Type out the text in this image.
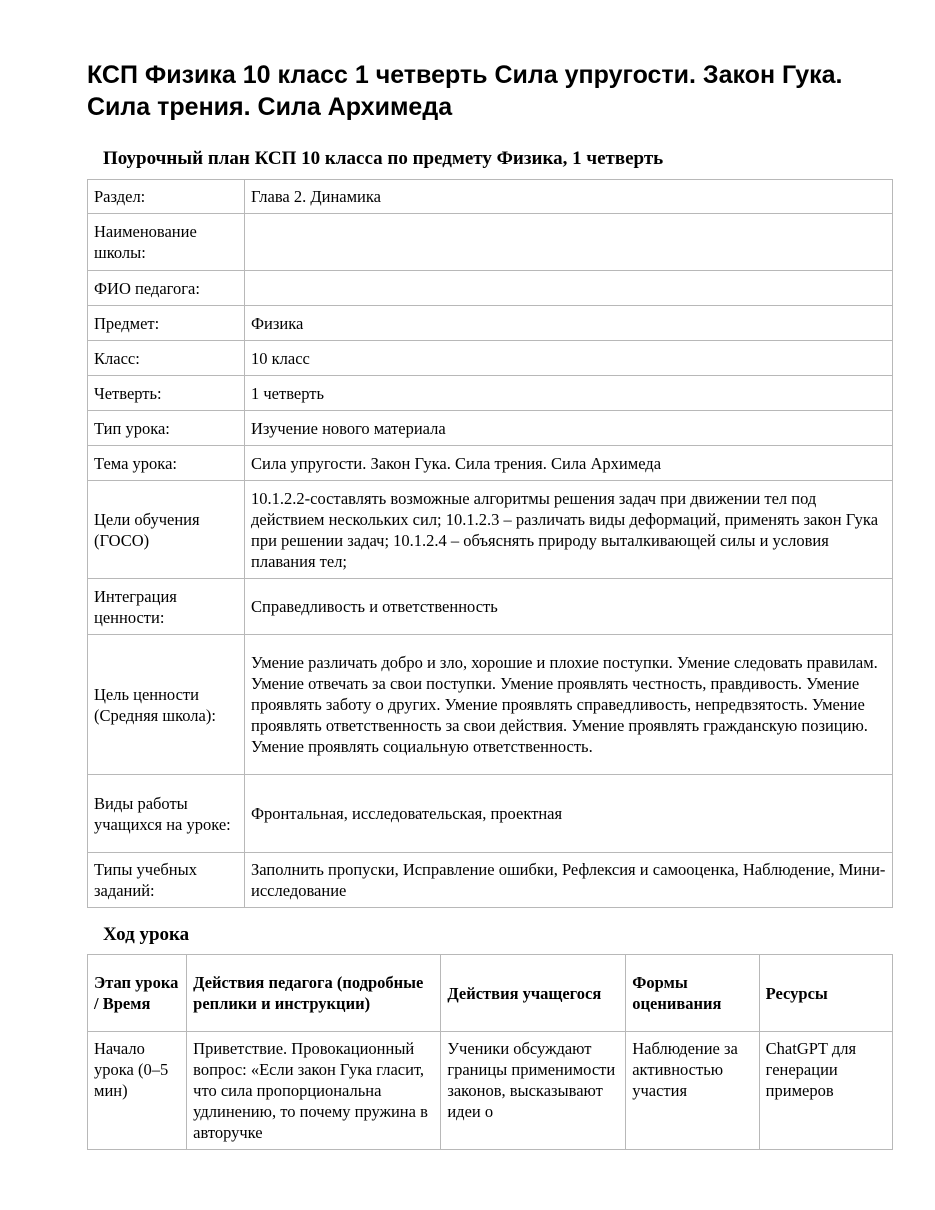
КСП Физика 10 класс 1 четверть Сила упругости. Закон Гука. Сила трения. Сила Архимеда
Поурочный план КСП 10 класса по предмету Физика, 1 четверть
Раздел:	Глава 2. Динамика
Наименование школы:	
ФИО педагога:	
Предмет:	Физика
Класс:	10 класс
Четверть:	1 четверть
Тип урока:	Изучение нового материала
Тема урока:	Сила упругости. Закон Гука. Сила трения. Сила Архимеда
Цели обучения (ГОСО)	10.1.2.2-составлять возможные алгоритмы решения задач при движении тел под действием нескольких сил; 10.1.2.3 – различать виды деформаций, применять закон Гука при решении задач; 10.1.2.4 – объяснять природу выталкивающей силы и условия плавания тел;
Интеграция ценности:	Справедливость и ответственность
Цель ценности (Средняя школа):	Умение различать добро и зло, хорошие и плохие поступки. Умение следовать правилам. Умение отвечать за свои поступки. Умение проявлять честность, правдивость. Умение проявлять заботу о других. Умение проявлять справедливость, непредвзятость. Умение проявлять ответственность за свои действия. Умение проявлять гражданскую позицию. Умение проявлять социальную ответственность.
Виды работы учащихся на уроке:	Фронтальная, исследовательская, проектная
Типы учебных заданий:	Заполнить пропуски, Исправление ошибки, Рефлексия и самооценка, Наблюдение, Мини-исследование
Ход урока
Этап урока / Время	Действия педагога (подробные реплики и инструкции)	Действия учащегося	Формы оценивания	Ресурсы
Начало урока (0–5 мин)	Приветствие. Провокационный вопрос: «Если закон Гука гласит, что сила пропорциональна удлинению, то почему пружина в авторучке	Ученики обсуждают границы применимости законов, высказывают идеи о	Наблюдение за активностью участия	ChatGPT для генерации примеров
